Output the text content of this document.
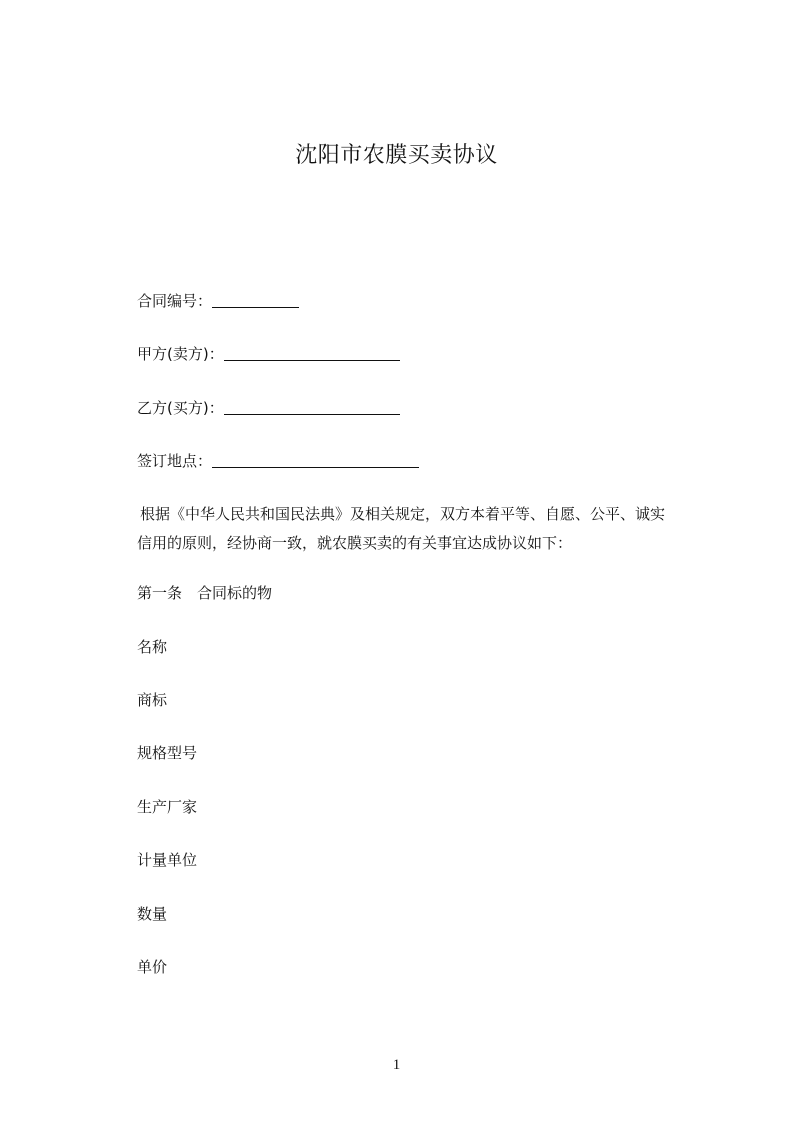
沈阳市农膜买卖协议
合同编号：
甲方(卖方)：
乙方(买方)：
签订地点：
根据《中华人民共和国民法典》及相关规定，双方本着平等、自愿、公平、诚实
信用的原则，经协商一致，就农膜买卖的有关事宜达成协议如下：
第一条　合同标的物
名称
商标
规格型号
生产厂家
计量单位
数量
单价
1
